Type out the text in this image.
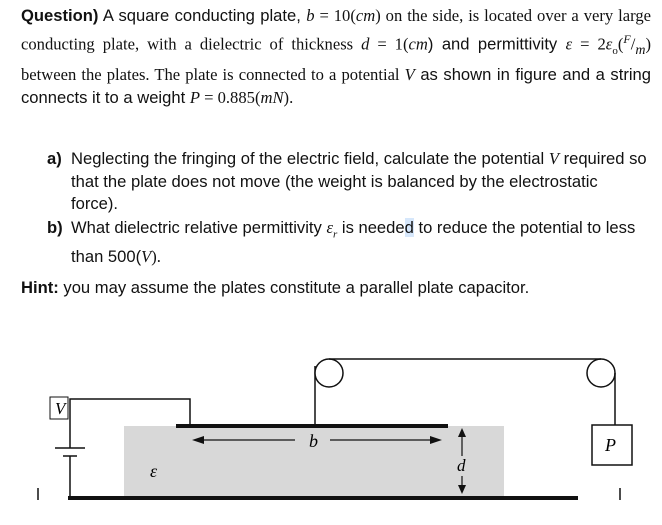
Question) A square conducting plate, b = 10(cm) on the side, is located over a very large conducting plate, with a dielectric of thickness d = 1(cm) and permittivity $\varepsilon = 2\varepsilon_o(^F/_m)$ between the plates. The plate is connected to a potential V as shown in figure and a string connects it to a weight P = 0.885(mN).
a) Neglecting the fringing of the electric field, calculate the potential V required so that the plate does not move (the weight is balanced by the electrostatic force).
b) What dielectric relative permittivity $\varepsilon_r$ is needed to reduce the potential to less than 500(V).
Hint: you may assume the plates constitute a parallel plate capacitor.
V
b
d
ε
P
